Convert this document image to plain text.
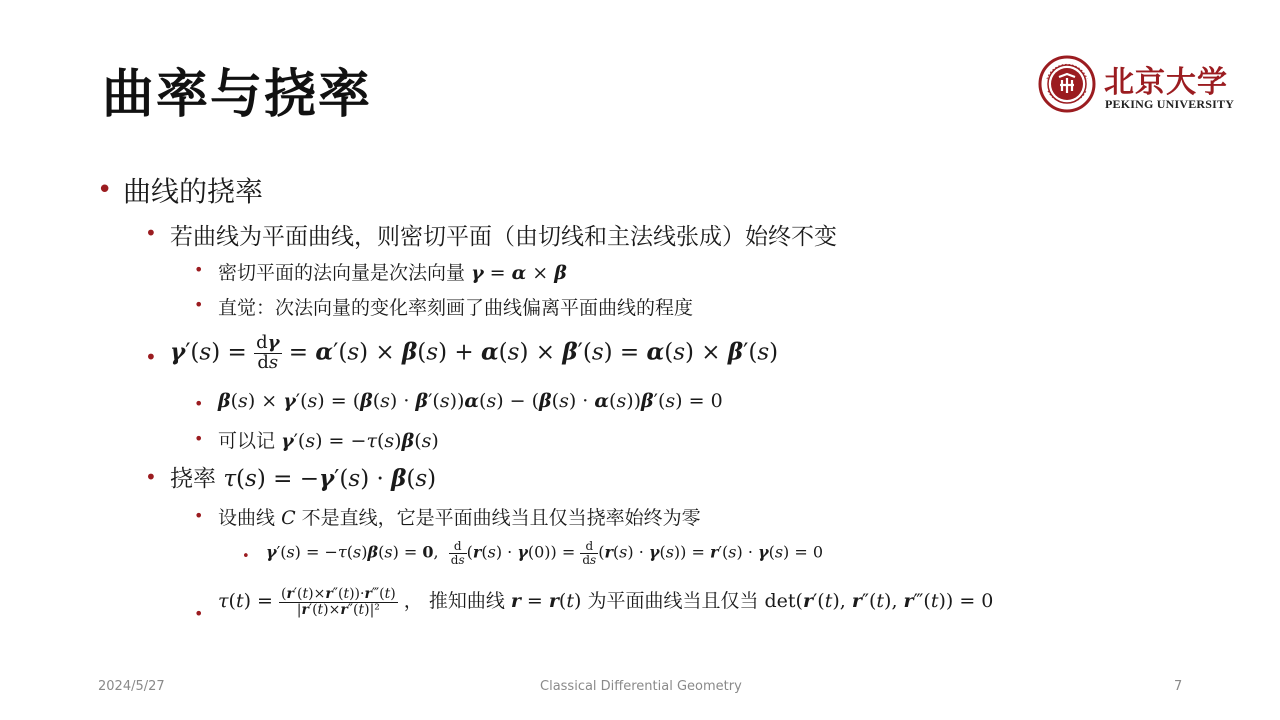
曲率与挠率	北京大学
PEKING UNIVERSITY
• 曲线的挠率
• 若曲线为平面曲线，则密切平面（由切线和主法线张成）始终不变
• 密切平面的法向量是次法向量 γ = α × β
• 直觉：次法向量的变化率刻画了曲线偏离平面曲线的程度
• $\gamma'(s) = \frac{d\gamma}{ds} = \alpha'(s) \times \beta(s) + \alpha(s) \times \beta'(s) = \alpha(s) \times \beta'(s)$
• β(s) × γ′(s) = (β(s) · β′(s))α(s) − (β(s) · α(s))β′(s) = 0
• 可以记 γ′(s) = −τ(s)β(s)
• 挠率 τ(s) = −γ′(s) · β(s)
• 设曲线 C 不是直线，它是平面曲线当且仅当挠率始终为零
• γ′(s) = −τ(s)β(s) = 0, $\frac{d}{ds} (r(s) \cdot \gamma(0)) = \frac{d}{ds} (r(s) \cdot \gamma(s)) = r'(s) \cdot \gamma(s) = 0$
•
$\tau(t) = \frac{(r'(t)\times r''(t))\cdot r‴(t)}{\text{|r′(t)×r″(t)|²}}$ ， 推知曲线 r = r(t) 为平面曲线当且仅当 det(r′(t), r″(t), r‴(t)) = 0
2024/5/27	Classical Differential Geometry	7
